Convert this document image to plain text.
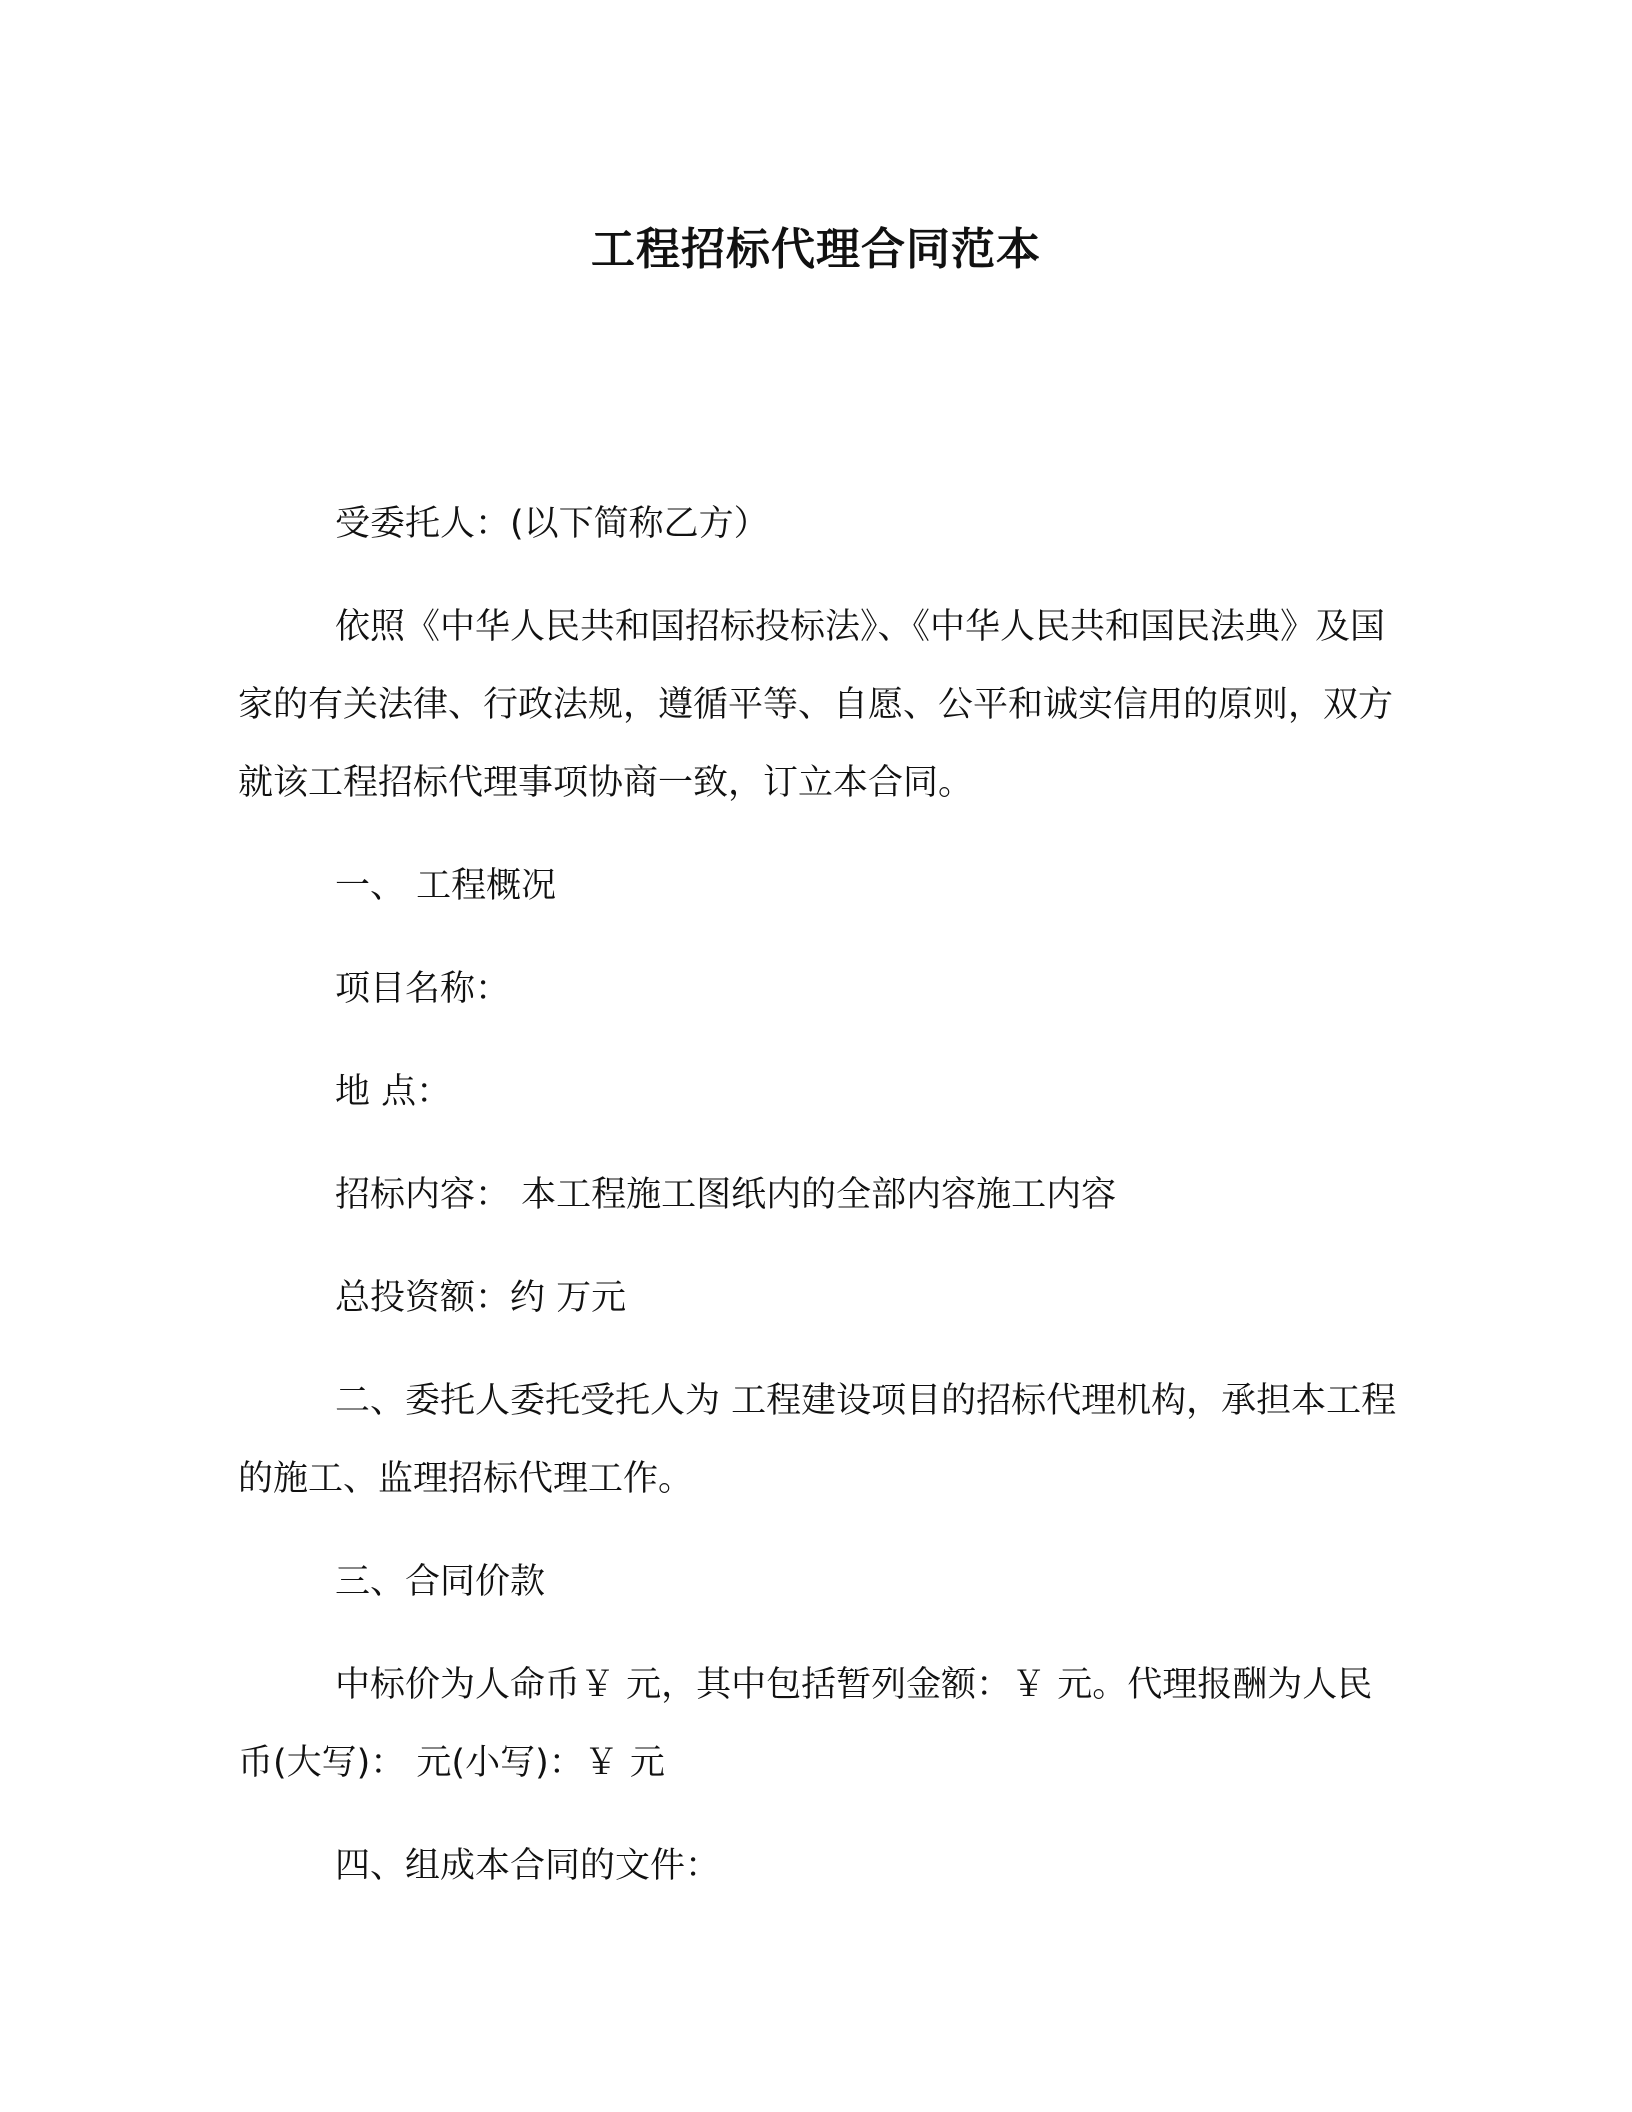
工程招标代理合同范本

受委托人：(以下简称乙方）

依照《中华人民共和国招标投标法》、《中华人民共和国民法典》及国家的有关法律、行政法规，遵循平等、自愿、公平和诚实信用的原则，双方就该工程招标代理事项协商一致，订立本合同。

一、 工程概况

项目名称：

地 点：

招标内容： 本工程施工图纸内的全部内容施工内容

总投资额：约 万元

二、委托人委托受托人为 工程建设项目的招标代理机构，承担本工程的施工、监理招标代理工作。

三、合同价款

中标价为人命币￥ 元，其中包括暂列金额：￥ 元。代理报酬为人民币(大写)： 元(小写)：￥ 元

四、组成本合同的文件：
